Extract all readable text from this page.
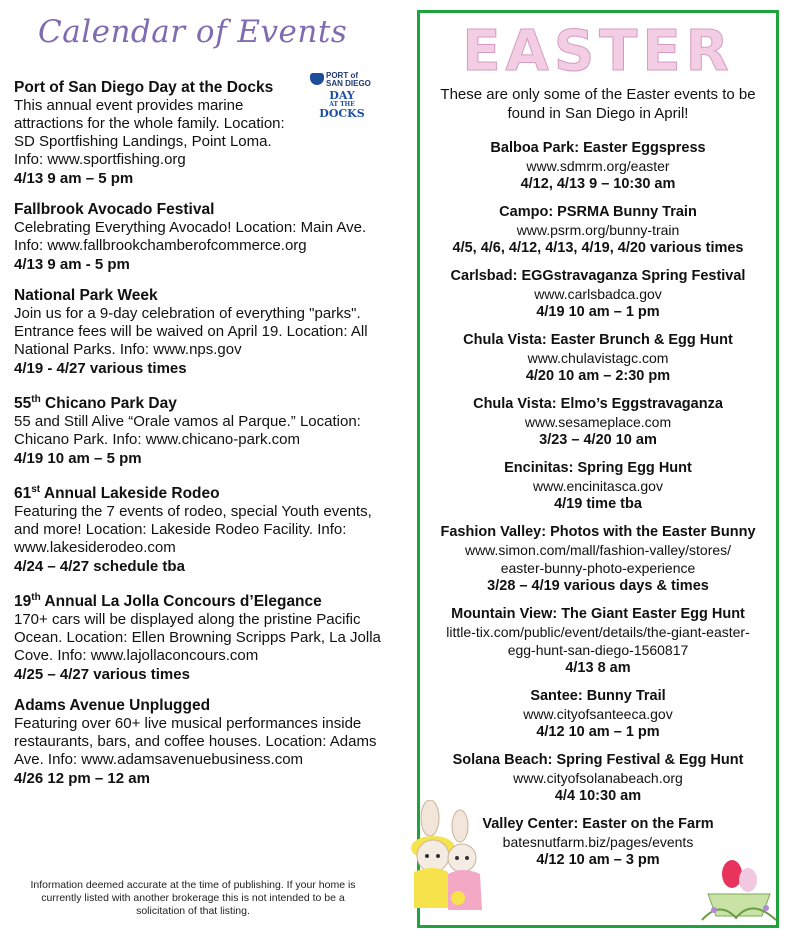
Calendar of Events
PORT of SAN DIEGO
DAY
AT THE
DOCKS
Port of San Diego Day at the Docks
This annual event provides marine attractions for the whole family. Location: SD Sportfishing Landings, Point Loma. Info: www.sportfishing.org
4/13 9 am – 5 pm
Fallbrook Avocado Festival
Celebrating Everything Avocado! Location: Main Ave. Info: www.fallbrookchamberofcommerce.org
4/13 9 am - 5 pm
National Park Week
Join us for a 9-day celebration of everything "parks". Entrance fees will be waived on April 19. Location: All National Parks. Info: www.nps.gov
4/19 - 4/27 various times
55th Chicano Park Day
55 and Still Alive “Orale vamos al Parque.” Location: Chicano Park. Info: www.chicano-park.com
4/19 10 am – 5 pm
61st Annual Lakeside Rodeo
Featuring the 7 events of rodeo, special Youth events, and more! Location: Lakeside Rodeo Facility. Info: www.lakesiderodeo.com
4/24 – 4/27 schedule tba
19th Annual La Jolla Concours d’Elegance
170+ cars will be displayed along the pristine Pacific Ocean. Location: Ellen Browning Scripps Park, La Jolla Cove. Info: www.lajollaconcours.com
4/25 – 4/27 various times
Adams Avenue Unplugged
Featuring over 60+ live musical performances inside restaurants, bars, and coffee houses. Location: Adams Ave. Info: www.adamsavenuebusiness.com
4/26 12 pm – 12 am
Information deemed accurate at the time of publishing. If your home is currently listed with another brokerage this is not intended to be a solicitation of that listing.
EASTER
These are only some of the Easter events to be found in San Diego in April!
Balboa Park: Easter Eggspress
www.sdmrm.org/easter
4/12, 4/13 9 – 10:30 am
Campo: PSRMA Bunny Train
www.psrm.org/bunny-train
4/5, 4/6, 4/12, 4/13, 4/19, 4/20 various times
Carlsbad: EGGstravaganza Spring Festival
www.carlsbadca.gov
4/19 10 am – 1 pm
Chula Vista: Easter Brunch & Egg Hunt
www.chulavistagc.com
4/20 10 am – 2:30 pm
Chula Vista: Elmo’s Eggstravaganza
www.sesameplace.com
3/23 – 4/20 10 am
Encinitas: Spring Egg Hunt
www.encinitasca.gov
4/19 time tba
Fashion Valley: Photos with the Easter Bunny
www.simon.com/mall/fashion-valley/stores/ easter-bunny-photo-experience
3/28 – 4/19 various days & times
Mountain View: The Giant Easter Egg Hunt
little-tix.com/public/event/details/the-giant-easter- egg-hunt-san-diego-1560817
4/13 8 am
Santee: Bunny Trail
www.cityofsanteeca.gov
4/12 10 am – 1 pm
Solana Beach: Spring Festival & Egg Hunt
www.cityofsolanabeach.org
4/4 10:30 am
Valley Center: Easter on the Farm
batesnutfarm.biz/pages/events
4/12 10 am – 3 pm
